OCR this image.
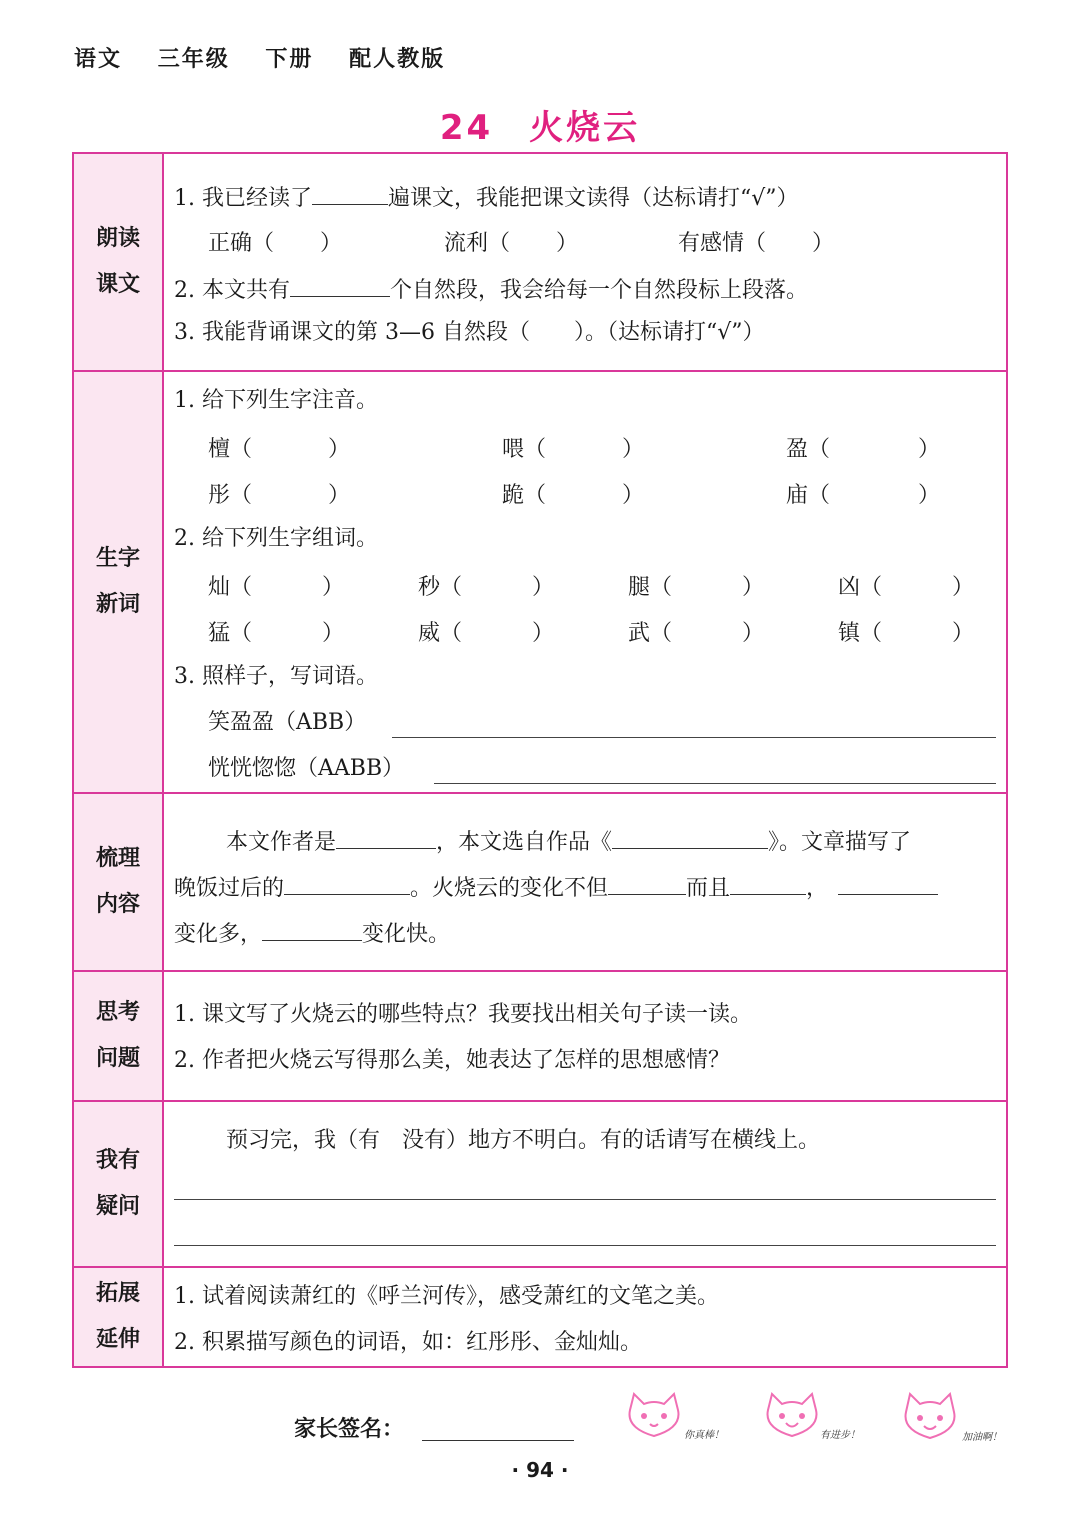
语文 三年级 下册 配人教版
24 火烧云
朗读
课文
1. 我已经读了	遍课文，我能把课文读得（达标请打“√”）
正确（ ）	流利（ ）	有感情（ ）
2. 本文共有	个自然段，我会给每一个自然段标上段落。
3. 我能背诵课文的第 3—6 自然段（ ）。（达标请打“√”）
生字
新词
1. 给下列生字注音。
檀（	）	喂（	）	盈（	）
彤（	）	跪（	）	庙（	）
2. 给下列生字组词。
灿（	）	秒（	）	腿（	）	凶（	）
猛（	）	威（	）	武（	）	镇（	）
3. 照样子，写词语。
笑盈盈（ABB）
恍恍惚惚（AABB）
梳理
内容
本文作者是	，本文选自作品《	》。文章描写了
晚饭过后的	。火烧云的变化不但	而且	，
变化多，	变化快。
思考
问题
1. 课文写了火烧云的哪些特点？我要找出相关句子读一读。
2. 作者把火烧云写得那么美，她表达了怎样的思想感情？
我有
疑问
预习完，我（有　没有）地方不明白。有的话请写在横线上。
拓展
延伸
1. 试着阅读萧红的《呼兰河传》，感受萧红的文笔之美。
2. 积累描写颜色的词语，如：红彤彤、金灿灿。
家长签名：	你真棒！	有进步！	加油啊！
· 94 ·
